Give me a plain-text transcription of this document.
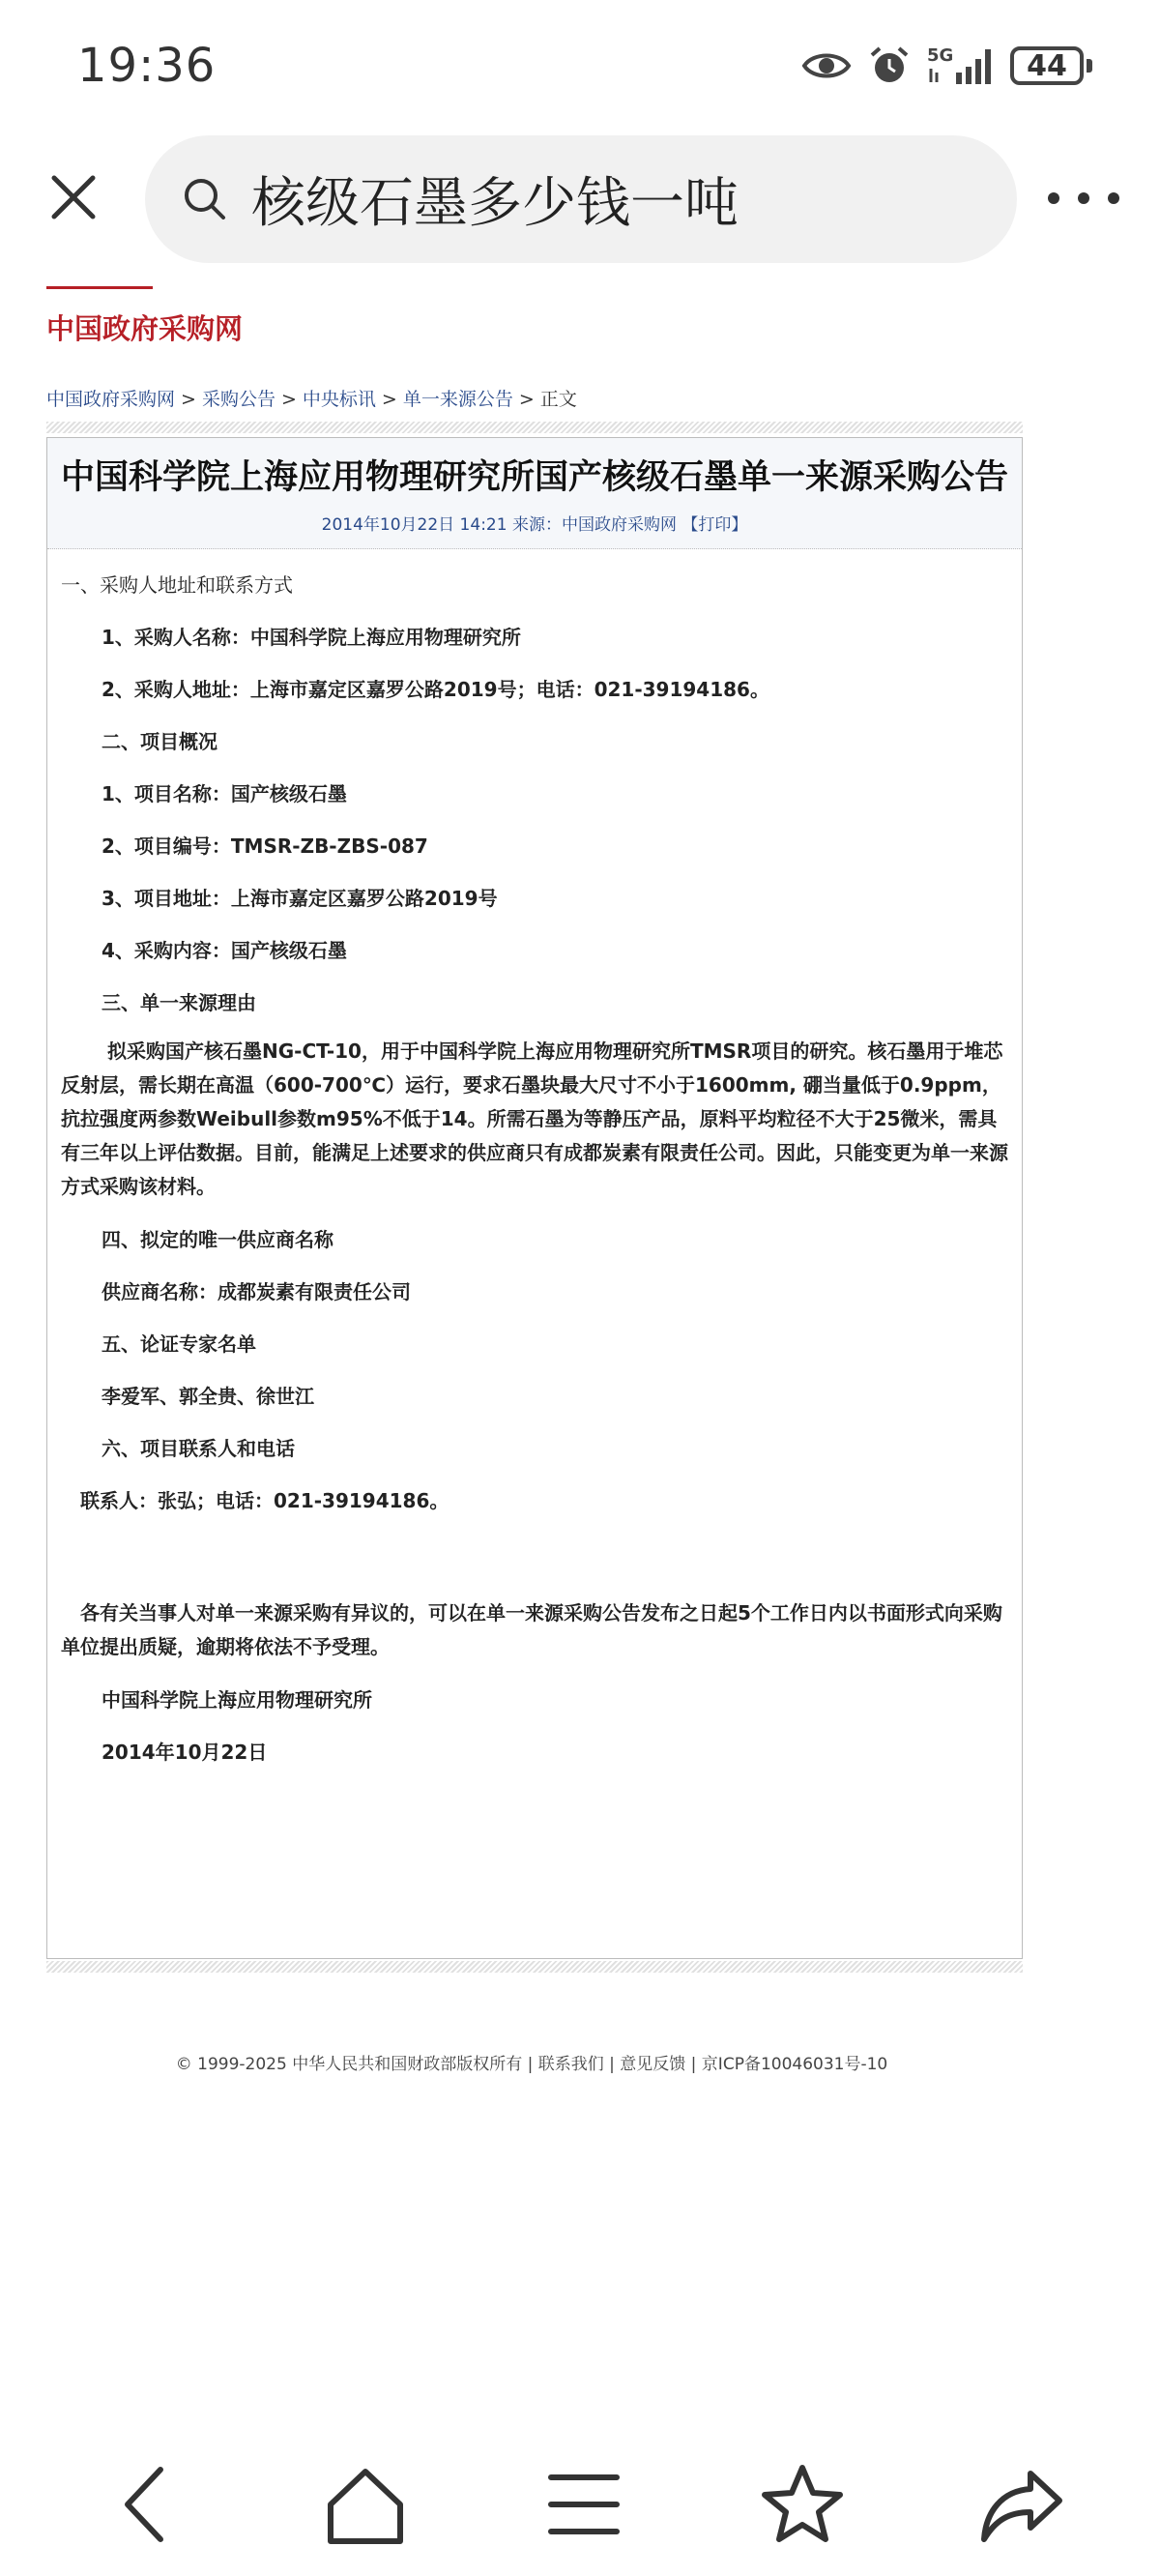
19:36	5G	44
核级石墨多少钱一吨
中国政府采购网
中国政府采购网 > 采购公告 > 中央标讯 > 单一来源公告 > 正文
中国科学院上海应用物理研究所国产核级石墨单一来源采购公告
2014年10月22日 14:21 来源：中国政府采购网 【打印】

一、采购人地址和联系方式

1、采购人名称：中国科学院上海应用物理研究所

2、采购人地址：上海市嘉定区嘉罗公路2019号；电话：021-39194186。

二、项目概况

1、项目名称：国产核级石墨

2、项目编号：TMSR-ZB-ZBS-087

3、项目地址：上海市嘉定区嘉罗公路2019号

4、采购内容：国产核级石墨

三、单一来源理由

拟采购国产核石墨NG-CT-10，用于中国科学院上海应用物理研究所TMSR项目的研究。核石墨用于堆芯反射层，需长期在高温（600-700℃）运行，要求石墨块最大尺寸不小于1600mm, 硼当量低于0.9ppm，抗拉强度两参数Weibull参数m95%不低于14。所需石墨为等静压产品，原料平均粒径不大于25微米，需具有三年以上评估数据。目前，能满足上述要求的供应商只有成都炭素有限责任公司。因此，只能变更为单一来源方式采购该材料。

四、拟定的唯一供应商名称

供应商名称：成都炭素有限责任公司

五、论证专家名单

李爱军、郭全贵、徐世江

六、项目联系人和电话

联系人：张弘；电话：021-39194186。

各有关当事人对单一来源采购有异议的，可以在单一来源采购公告发布之日起5个工作日内以书面形式向采购单位提出质疑，逾期将依法不予受理。

中国科学院上海应用物理研究所

2014年10月22日

© 1999-2025 中华人民共和国财政部版权所有 | 联系我们 | 意见反馈 | 京ICP备10046031号-10
